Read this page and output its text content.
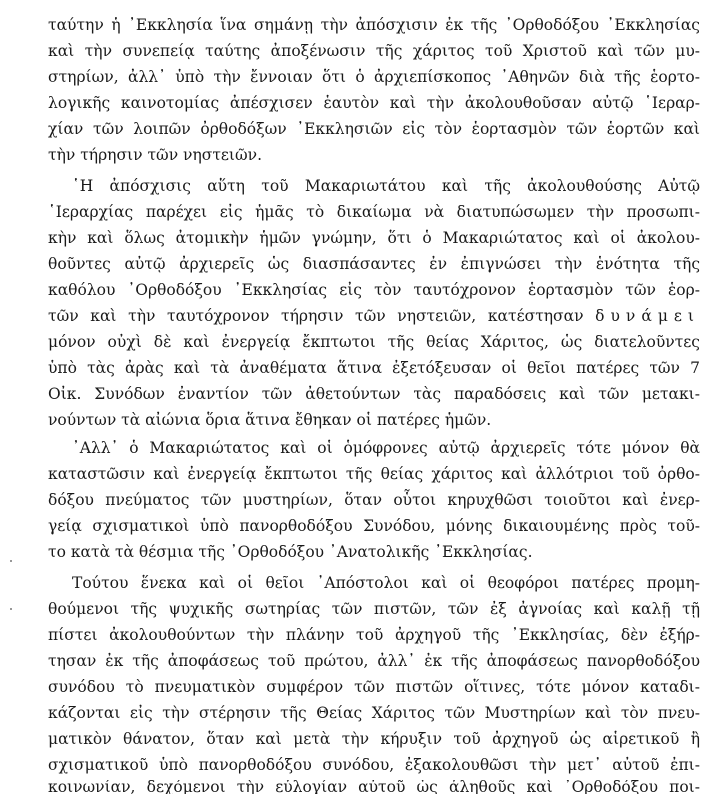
ταύτην ἡ ᾽Εκκλησία ἵνα σημάνῃ τὴν ἀπόσχισιν ἐκ τῆς ᾽Ορθοδόξου ᾽Εκκλησίας
καὶ τὴν συνεπείᾳ ταύτης ἀποξένωσιν τῆς χάριτος τοῦ Χριστοῦ καὶ τῶν μυ-
στηρίων, ἀλλ᾽ ὑπὸ τὴν ἔννοιαν ὅτι ὁ ἀρχιεπίσκοπος ᾽Αθηνῶν διὰ τῆς ἑορτο-
λογικῆς καινοτομίας ἀπέσχισεν ἑαυτὸν καὶ τὴν ἀκολουθοῦσαν αὐτῷ ῾Ιεραρ-
χίαν τῶν λοιπῶν ὀρθοδόξων ᾽Εκκλησιῶν εἰς τὸν ἑορτασμὸν τῶν ἑορτῶν καὶ
τὴν τήρησιν τῶν νηστειῶν.
῾Η ἀπόσχισις αὕτη τοῦ Μακαριωτάτου καὶ τῆς ἀκολουθούσης Αὐτῷ
῾Ιεραρχίας παρέχει εἰς ἡμᾶς τὸ δικαίωμα νὰ διατυπώσωμεν τὴν προσωπι-
κὴν καὶ ὅλως ἀτομικὴν ἡμῶν γνώμην, ὅτι ὁ Μακαριώτατος καὶ οἱ ἀκολου-
θοῦντες αὐτῷ ἀρχιερεῖς ὡς διασπάσαντες ἐν ἐπιγνώσει τὴν ἑνότητα τῆς
καθόλου ᾽Ορθοδόξου ᾽Εκκλησίας εἰς τὸν ταυτόχρονον ἑορτασμὸν τῶν ἑορ-
τῶν καὶ τὴν ταυτόχρονον τήρησιν τῶν νηστειῶν, κατέστησαν δυνάμει
μόνον οὐχὶ δὲ καὶ ἐνεργείᾳ ἔκπτωτοι τῆς θείας Χάριτος, ὡς διατελοῦντες
ὑπὸ τὰς ἀρὰς καὶ τὰ ἀναθέματα ἅτινα ἐξετόξευσαν οἱ θεῖοι πατέρες τῶν 7
Οἰκ. Συνόδων ἐναντίον τῶν ἀθετούντων τὰς παραδόσεις καὶ τῶν μετακι-
νούντων τὰ αἰώνια ὅρια ἅτινα ἔθηκαν οἱ πατέρες ἡμῶν.
᾽Αλλ᾽ ὁ Μακαριώτατος καὶ οἱ ὁμόφρονες αὐτῷ ἀρχιερεῖς τότε μόνον θὰ
καταστῶσιν καὶ ἐνεργείᾳ ἔκπτωτοι τῆς θείας χάριτος καὶ ἀλλότριοι τοῦ ὀρθο-
δόξου πνεύματος τῶν μυστηρίων, ὅταν οὗτοι κηρυχθῶσι τοιοῦτοι καὶ ἐνερ-
γείᾳ σχισματικοὶ ὑπὸ πανορθοδόξου Συνόδου, μόνης δικαιουμένης πρὸς τοῦ-
το κατὰ τὰ θέσμια τῆς ᾽Ορθοδόξου ᾽Ανατολικῆς ᾽Εκκλησίας.
Τούτου ἕνεκα καὶ οἱ θεῖοι ᾽Απόστολοι καὶ οἱ θεοφόροι πατέρες προμη-
θούμενοι τῆς ψυχικῆς σωτηρίας τῶν πιστῶν, τῶν ἐξ ἀγνοίας καὶ καλῇ τῇ
πίστει ἀκολουθούντων τὴν πλάνην τοῦ ἀρχηγοῦ τῆς ᾽Εκκλησίας, δὲν ἐξήρ-
τησαν ἐκ τῆς ἀποφάσεως τοῦ πρώτου, ἀλλ᾽ ἐκ τῆς ἀποφάσεως πανορθοδόξου
συνόδου τὸ πνευματικὸν συμφέρον τῶν πιστῶν οἵτινες, τότε μόνον καταδι-
κάζονται εἰς τὴν στέρησιν τῆς Θείας Χάριτος τῶν Μυστηρίων καὶ τὸν πνευ-
ματικὸν θάνατον, ὅταν καὶ μετὰ τὴν κήρυξιν τοῦ ἀρχηγοῦ ὡς αἱρετικοῦ ἢ
σχισματικοῦ ὑπὸ πανορθοδόξου συνόδου, ἐξακολουθῶσι τὴν μετ᾽ αὐτοῦ ἐπι-
κοινωνίαν, δεχόμενοι τὴν εὐλογίαν αὐτοῦ ὡς ἀληθοῦς καὶ ᾽Ορθοδόξου ποι-
